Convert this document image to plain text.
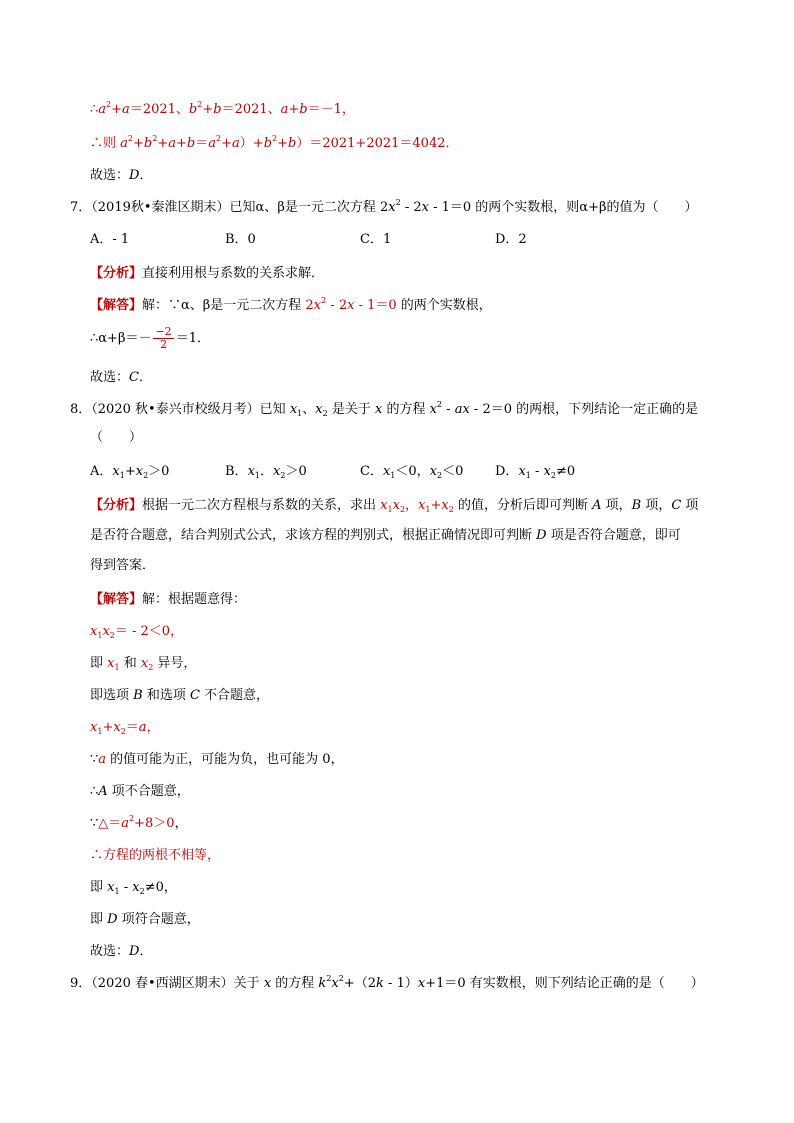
$\therefore a^2+a=2021$、$b^2+b=2021$、a+b＝－1，
∴则 $a^2+b^2+a+b=a^2+a)+b^2+b)=2021+2021=4042$．
故选：D．
7．（2019秋•秦淮区期末）已知α、β是一元二次方程 $2x^2 - 2x - 1=0$ 的两个实数根，则α+β的值为（　　）
A．- 1	B．0	C．1	D．2
【分析】直接利用根与系数的关系求解．
【解答】解：∵α、β是一元二次方程 $2x^2 - 2x - 1=0$ 的两个实数根，
∴α+β＝－ $\frac{-2}{2} =1$．
故选：C．
8．（2020 秋•泰兴市校级月考）已知 $x_1$、$x_2$ 是关于 x 的方程 $x^2$ - ax - 2＝0 的两根，下列结论一定正确的是
（　　）
A．$x_1+x_2>0$	B．$x_1$．$x_2>0$	C．$x_1<0$，$x_2<0$ D．$x_1 - x_2\ne 0$
【分析】根据一元二次方程根与系数的关系，求出 $x_1x_2$，$x_1+x_2$ 的值，分析后即可判断 A 项，B 项，C 项
是否符合题意，结合判别式公式，求该方程的判别式，根据正确情况即可判断 D 项是否符合题意，即可
得到答案．
【解答】解：根据题意得：
$x_1x_2= - 2<0$，
即 $x_1$ 和 $x_2$ 异号，
即选项 B 和选项 C 不合题意，
$x_1+x_2=a$，
∵a 的值可能为正，可能为负，也可能为 0，
∴A 项不合题意，
$\because\triangle=a^2+8>0$，
∴方程的两根不相等，
即 $x_1 - x_2\ne 0$，
即 D 项符合题意，
故选：D．
9．（2020 春•西湖区期末）关于 x 的方程 $k^2x^2+(2k - 1)x+1=0$ 有实数根，则下列结论正确的是（　　）
